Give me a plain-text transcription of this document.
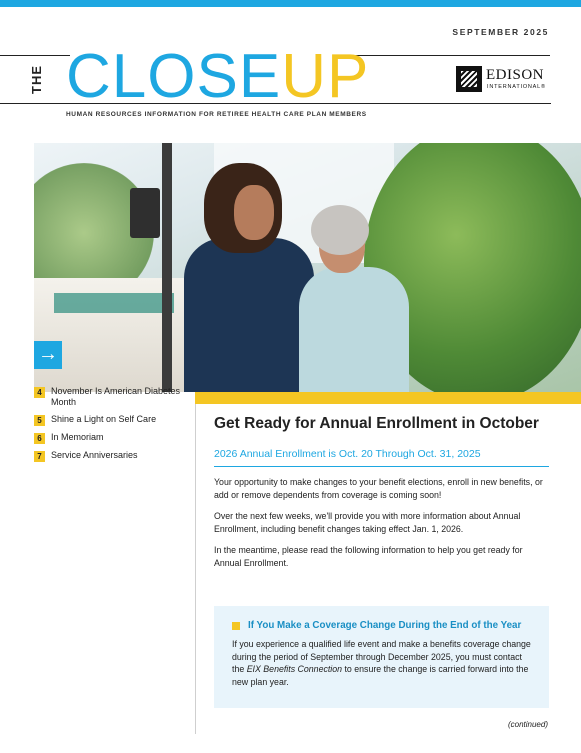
SEPTEMBER 2025
THE CLOSEUP
HUMAN RESOURCES INFORMATION FOR RETIREE HEALTH CARE PLAN MEMBERS
EDISON
INTERNATIONAL®
→
4	November Is American Diabetes Month
5	Shine a Light on Self Care
6	In Memoriam
7	Service Anniversaries
Get Ready for Annual Enrollment in October
2026 Annual Enrollment is Oct. 20 Through Oct. 31, 2025

Your opportunity to make changes to your benefit elections, enroll in new benefits, or add or remove dependents from coverage is coming soon!

Over the next few weeks, we'll provide you with more information about Annual Enrollment, including benefit changes taking effect Jan. 1, 2026.

In the meantime, please read the following information to help you get ready for Annual Enrollment.

If You Make a Coverage Change During the End of the Year

If you experience a qualified life event and make a benefits coverage change during the period of September through December 2025, you must contact the EIX Benefits Connection to ensure the change is carried forward into the new plan year.

(continued)
